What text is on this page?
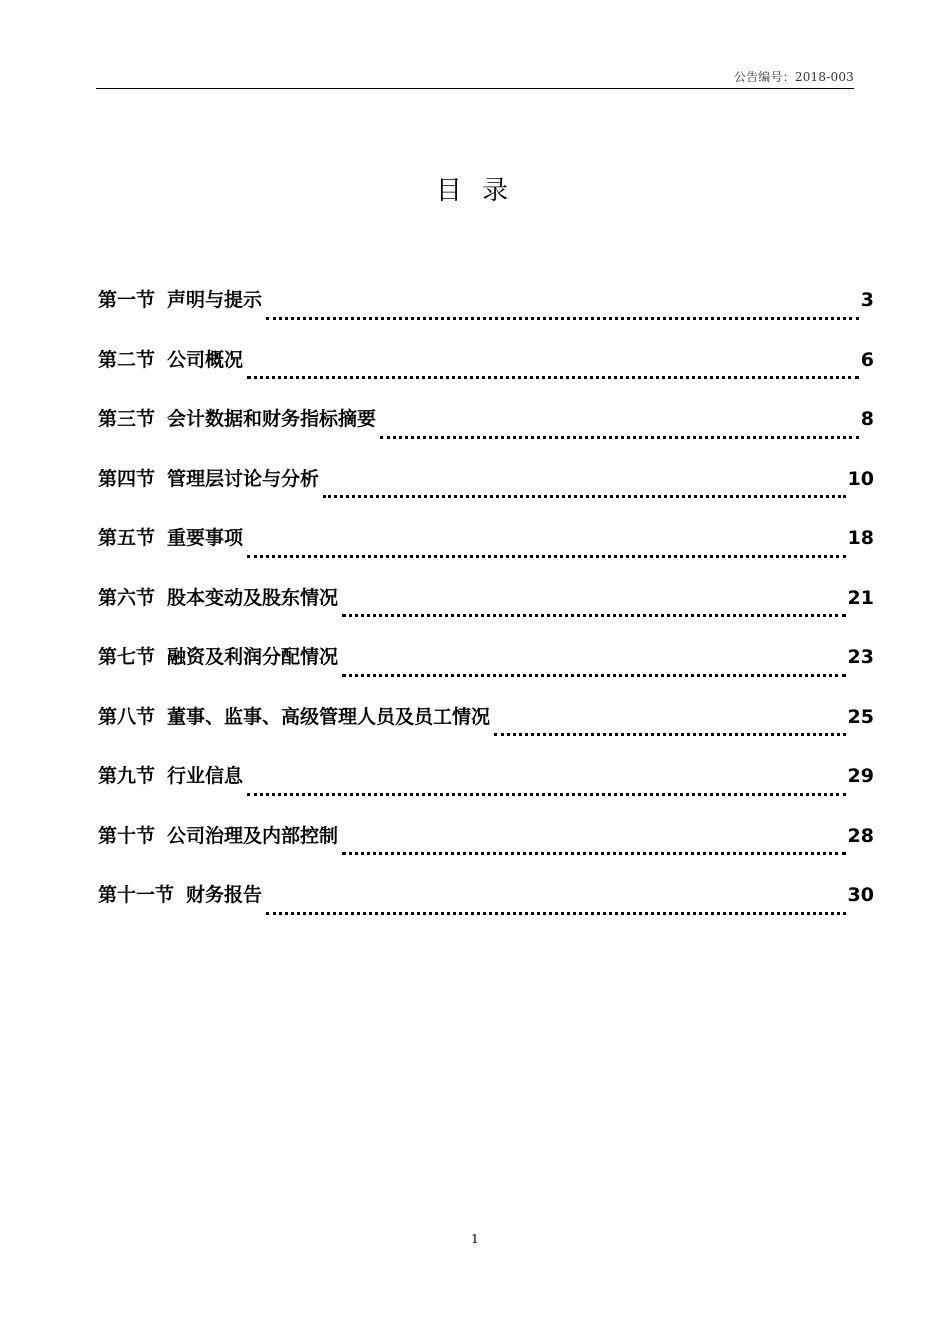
公告编号：2018-003
目 录
第一节 声明与提示	3
第二节 公司概况	6
第三节 会计数据和财务指标摘要	8
第四节 管理层讨论与分析	10
第五节 重要事项	18
第六节 股本变动及股东情况	21
第七节 融资及利润分配情况	23
第八节 董事、监事、高级管理人员及员工情况	25
第九节 行业信息	29
第十节 公司治理及内部控制	28
第十一节 财务报告	30
1
